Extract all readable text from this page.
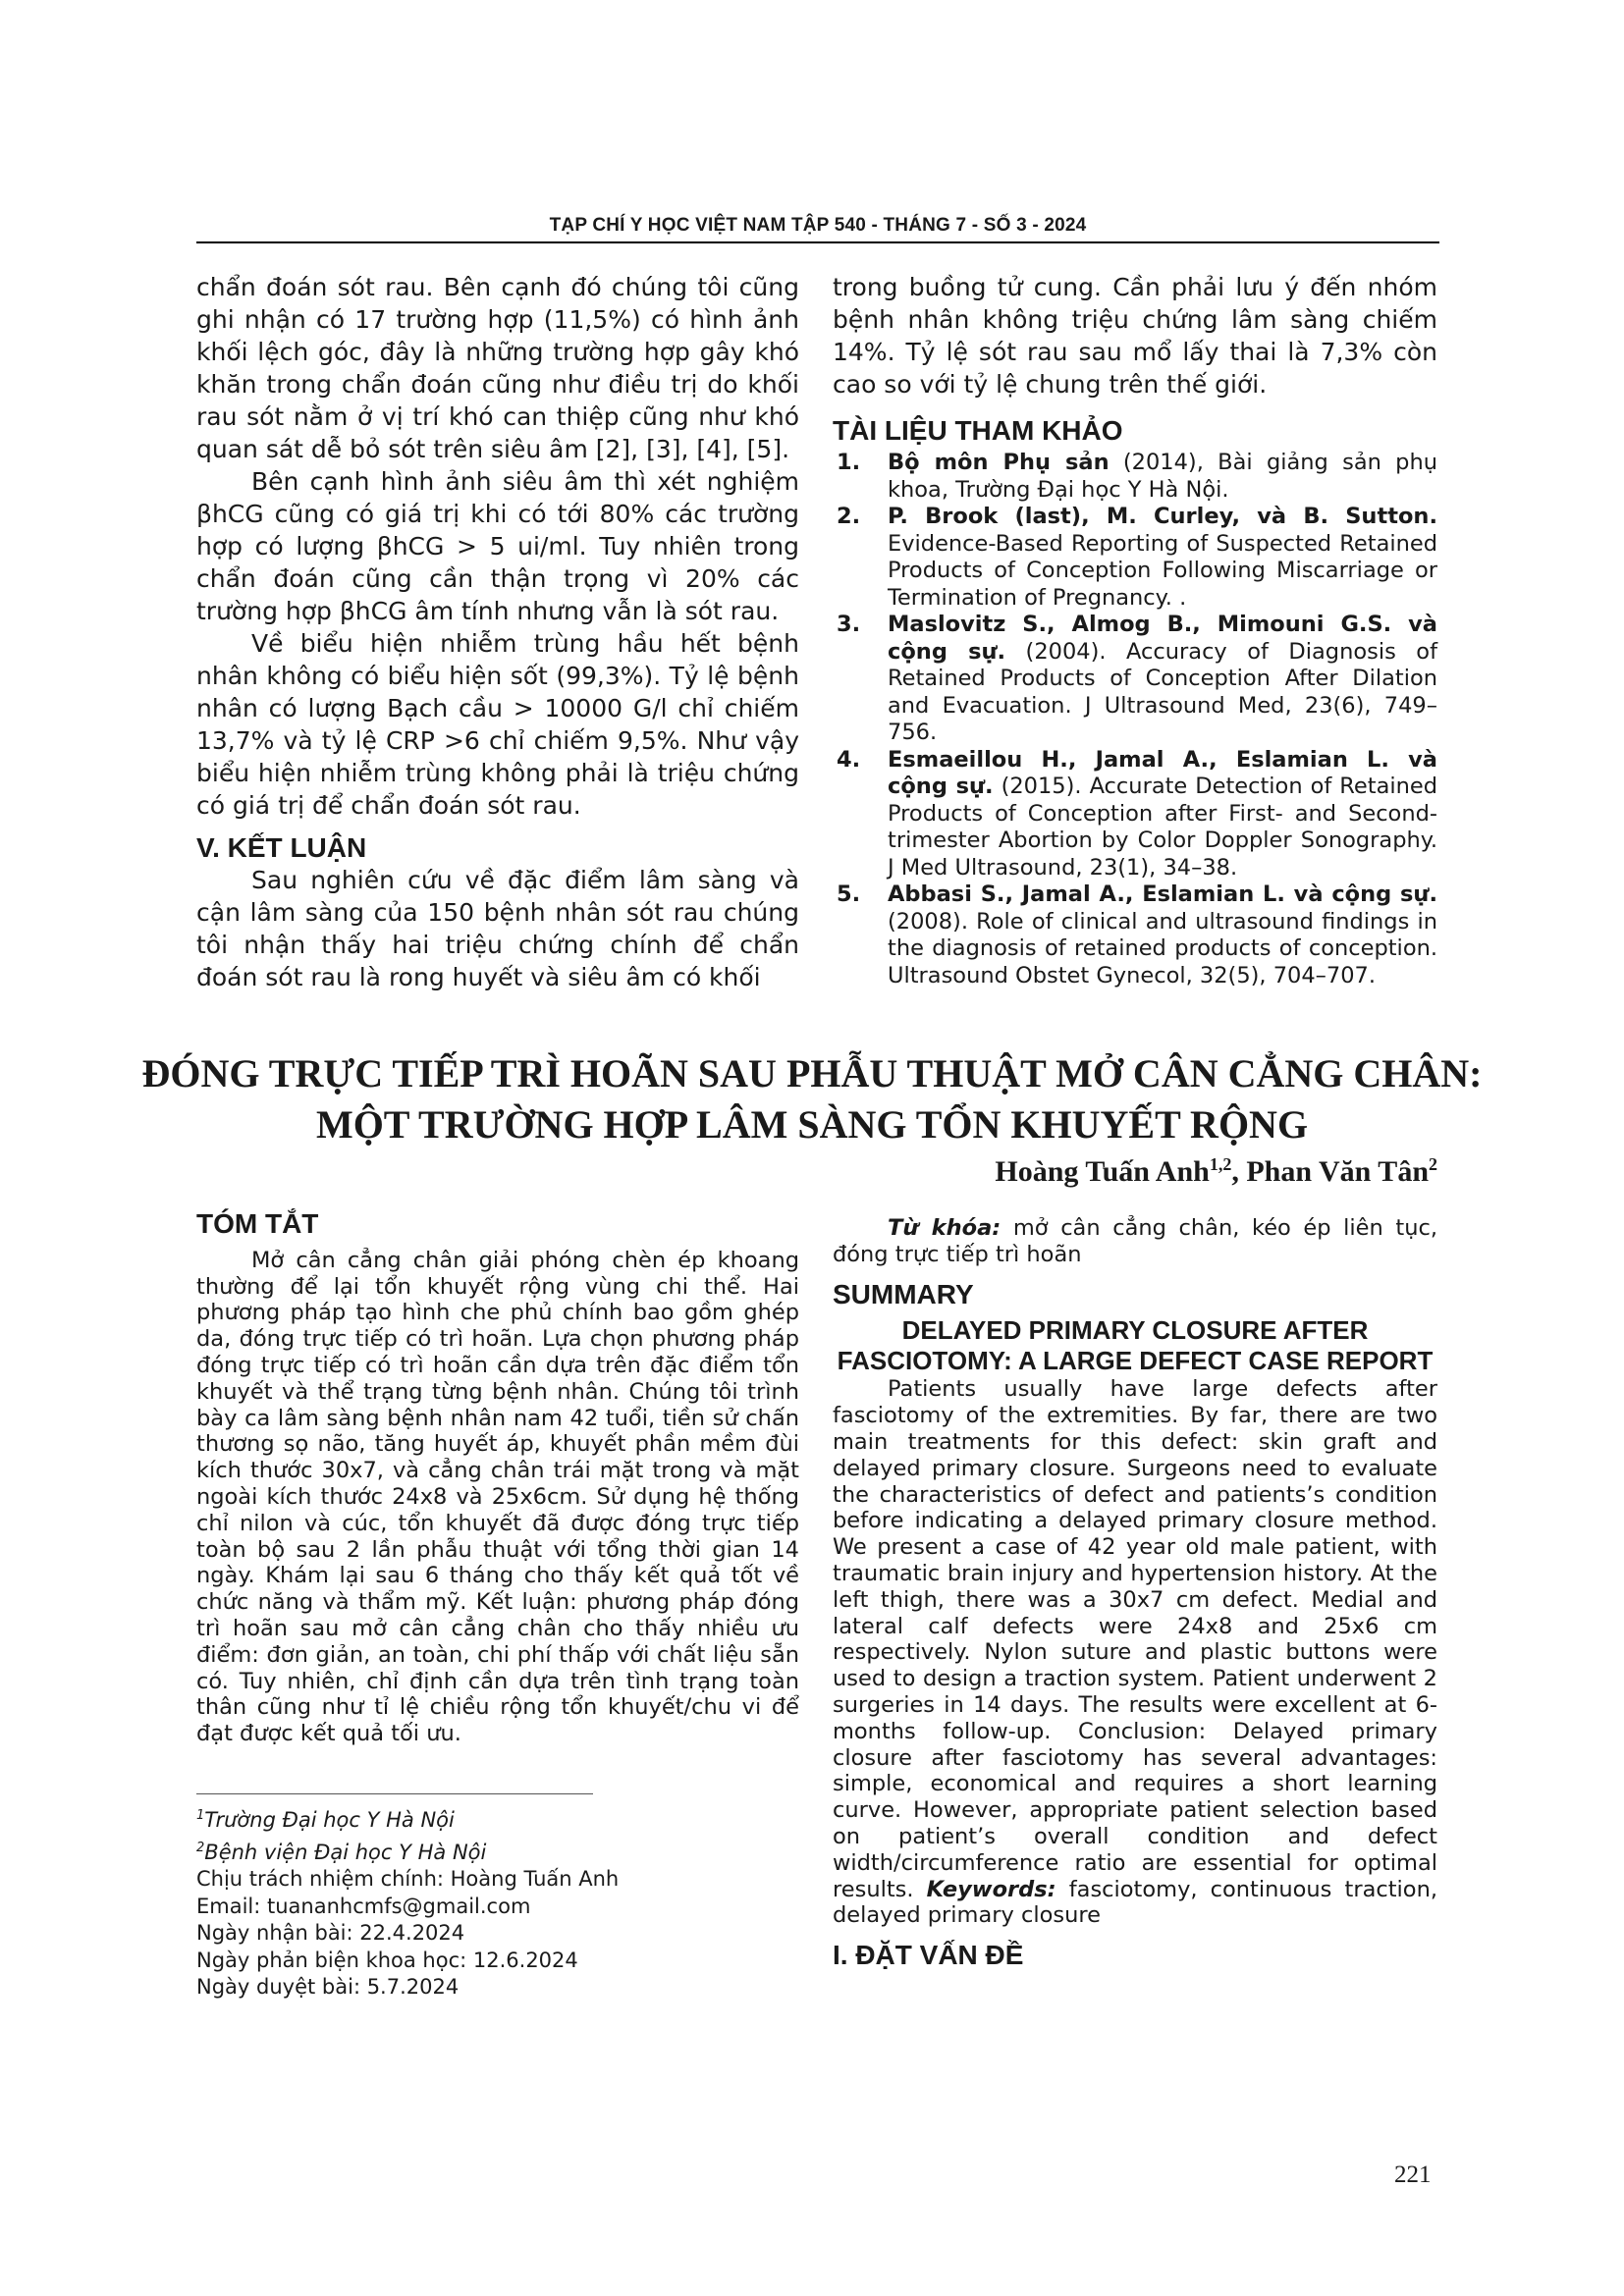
TẠP CHÍ Y HỌC VIỆT NAM TẬP 540 - THÁNG 7 - SỐ 3 - 2024

chẩn đoán sót rau. Bên cạnh đó chúng tôi cũng ghi nhận có 17 trường hợp (11,5%) có hình ảnh khối lệch góc, đây là những trường hợp gây khó khăn trong chẩn đoán cũng như điều trị do khối rau sót nằm ở vị trí khó can thiệp cũng như khó quan sát dễ bỏ sót trên siêu âm [2], [3], [4], [5].

Bên cạnh hình ảnh siêu âm thì xét nghiệm βhCG cũng có giá trị khi có tới 80% các trường hợp có lượng βhCG > 5 ui/ml. Tuy nhiên trong chẩn đoán cũng cần thận trọng vì 20% các trường hợp βhCG âm tính nhưng vẫn là sót rau.

Về biểu hiện nhiễm trùng hầu hết bệnh nhân không có biểu hiện sốt (99,3%). Tỷ lệ bệnh nhân có lượng Bạch cầu > 10000 G/l chỉ chiếm 13,7% và tỷ lệ CRP >6 chỉ chiếm 9,5%. Như vậy biểu hiện nhiễm trùng không phải là triệu chứng có giá trị để chẩn đoán sót rau.

V. KẾT LUẬN

Sau nghiên cứu về đặc điểm lâm sàng và cận lâm sàng của 150 bệnh nhân sót rau chúng tôi nhận thấy hai triệu chứng chính để chẩn đoán sót rau là rong huyết và siêu âm có khối

trong buồng tử cung. Cần phải lưu ý đến nhóm bệnh nhân không triệu chứng lâm sàng chiếm 14%. Tỷ lệ sót rau sau mổ lấy thai là 7,3% còn cao so với tỷ lệ chung trên thế giới.

TÀI LIỆU THAM KHẢO

1. Bộ môn Phụ sản (2014), Bài giảng sản phụ khoa, Trường Đại học Y Hà Nội.
2. P. Brook (last), M. Curley, và B. Sutton. Evidence-Based Reporting of Suspected Retained Products of Conception Following Miscarriage or Termination of Pregnancy. .
3. Maslovitz S., Almog B., Mimouni G.S. và cộng sự. (2004). Accuracy of Diagnosis of Retained Products of Conception After Dilation and Evacuation. J Ultrasound Med, 23(6), 749–756.
4. Esmaeillou H., Jamal A., Eslamian L. và cộng sự. (2015). Accurate Detection of Retained Products of Conception after First- and Second-trimester Abortion by Color Doppler Sonography. J Med Ultrasound, 23(1), 34–38.
5. Abbasi S., Jamal A., Eslamian L. và cộng sự. (2008). Role of clinical and ultrasound findings in the diagnosis of retained products of conception. Ultrasound Obstet Gynecol, 32(5), 704–707.
ĐÓNG TRỰC TIẾP TRÌ HOÃN SAU PHẪU THUẬT MỞ CÂN CẲNG CHÂN:
MỘT TRƯỜNG HỢP LÂM SÀNG TỔN KHUYẾT RỘNG
Hoàng Tuấn Anh$^{1,2}$, Phan Văn Tân$^2$

TÓM TẮT

Mở cân cẳng chân giải phóng chèn ép khoang thường để lại tổn khuyết rộng vùng chi thể. Hai phương pháp tạo hình che phủ chính bao gồm ghép da, đóng trực tiếp có trì hoãn. Lựa chọn phương pháp đóng trực tiếp có trì hoãn cần dựa trên đặc điểm tổn khuyết và thể trạng từng bệnh nhân. Chúng tôi trình bày ca lâm sàng bệnh nhân nam 42 tuổi, tiền sử chấn thương sọ não, tăng huyết áp, khuyết phần mềm đùi kích thước 30x7, và cẳng chân trái mặt trong và mặt ngoài kích thước 24x8 và 25x6cm. Sử dụng hệ thống chỉ nilon và cúc, tổn khuyết đã được đóng trực tiếp toàn bộ sau 2 lần phẫu thuật với tổng thời gian 14 ngày. Khám lại sau 6 tháng cho thấy kết quả tốt về chức năng và thẩm mỹ. Kết luận: phương pháp đóng trì hoãn sau mở cân cẳng chân cho thấy nhiều ưu điểm: đơn giản, an toàn, chi phí thấp với chất liệu sẵn có. Tuy nhiên, chỉ định cần dựa trên tình trạng toàn thân cũng như tỉ lệ chiều rộng tổn khuyết/chu vi để đạt được kết quả tối ưu.

$^1$Trường Đại học Y Hà Nội

$^2$Bệnh viện Đại học Y Hà Nội

Chịu trách nhiệm chính: Hoàng Tuấn Anh

Email: tuananhcmfs@gmail.com

Ngày nhận bài: 22.4.2024

Ngày phản biện khoa học: 12.6.2024

Ngày duyệt bài: 5.7.2024

Từ khóa: mở cân cẳng chân, kéo ép liên tục, đóng trực tiếp trì hoãn

SUMMARY

DELAYED PRIMARY CLOSURE AFTER
FASCIOTOMY: A LARGE DEFECT CASE REPORT

Patients usually have large defects after fasciotomy of the extremities. By far, there are two main treatments for this defect: skin graft and delayed primary closure. Surgeons need to evaluate the characteristics of defect and patients’s condition before indicating a delayed primary closure method. We present a case of 42 year old male patient, with traumatic brain injury and hypertension history. At the left thigh, there was a 30x7 cm defect. Medial and lateral calf defects were 24x8 and 25x6 cm respectively. Nylon suture and plastic buttons were used to design a traction system. Patient underwent 2 surgeries in 14 days. The results were excellent at 6-months follow-up. Conclusion: Delayed primary closure after fasciotomy has several advantages: simple, economical and requires a short learning curve. However, appropriate patient selection based on patient’s overall condition and defect width/circumference ratio are essential for optimal results. Keywords: fasciotomy, continuous traction, delayed primary closure

I. ĐẶT VẤN ĐỀ

221
